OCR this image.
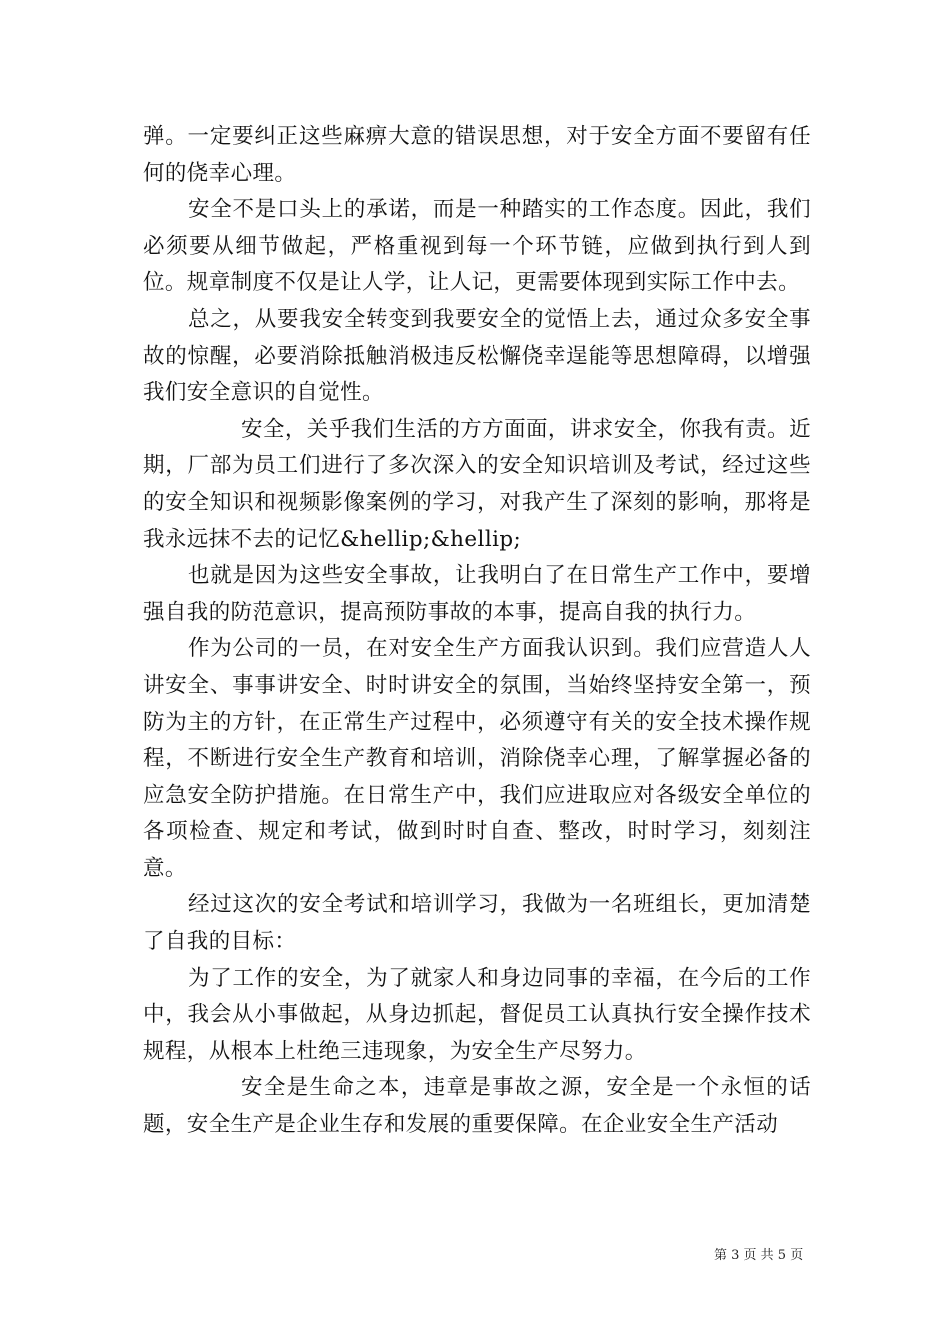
弹。一定要纠正这些麻痹大意的错误思想，对于安全方面不要留有任何的侥幸心理。

安全不是口头上的承诺，而是一种踏实的工作态度。因此，我们必须要从细节做起，严格重视到每一个环节链，应做到执行到人到位。规章制度不仅是让人学，让人记，更需要体现到实际工作中去。

总之，从要我安全转变到我要安全的觉悟上去，通过众多安全事故的惊醒，必要消除抵触消极违反松懈侥幸逞能等思想障碍，以增强我们安全意识的自觉性。

安全，关乎我们生活的方方面面，讲求安全，你我有责。近期，厂部为员工们进行了多次深入的安全知识培训及考试，经过这些的安全知识和视频影像案例的学习，对我产生了深刻的影响，那将是我永远抹不去的记忆&hellip;&hellip;

也就是因为这些安全事故，让我明白了在日常生产工作中，要增强自我的防范意识，提高预防事故的本事，提高自我的执行力。

作为公司的一员，在对安全生产方面我认识到。我们应营造人人讲安全、事事讲安全、时时讲安全的氛围，当始终坚持安全第一，预防为主的方针，在正常生产过程中，必须遵守有关的安全技术操作规程，不断进行安全生产教育和培训，消除侥幸心理，了解掌握必备的应急安全防护措施。在日常生产中，我们应进取应对各级安全单位的各项检查、规定和考试，做到时时自查、整改，时时学习，刻刻注意。

经过这次的安全考试和培训学习，我做为一名班组长，更加清楚了自我的目标：

为了工作的安全，为了就家人和身边同事的幸福，在今后的工作中，我会从小事做起，从身边抓起，督促员工认真执行安全操作技术规程，从根本上杜绝三违现象，为安全生产尽努力。

安全是生命之本，违章是事故之源，安全是一个永恒的话题，安全生产是企业生存和发展的重要保障。在企业安全生产活动

第 3 页 共 5 页
